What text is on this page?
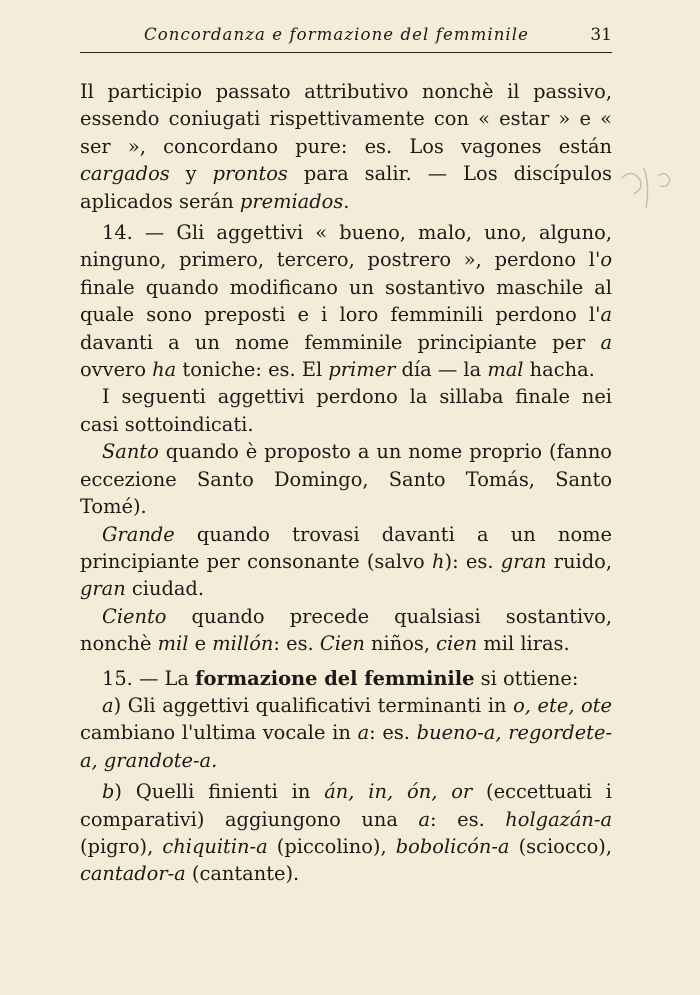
Concordanza e formazione del femminile	31

Il participio passato attributivo nonchè il passivo, essendo coniugati rispettivamente con « estar » e « ser », concordano pure: es. Los vagones están cargados y prontos para salir. — Los discípulos aplicados serán premiados.

14. — Gli aggettivi « bueno, malo, uno, alguno, ninguno, primero, tercero, postrero », perdono l'o finale quando modificano un sostantivo maschile al quale sono preposti e i loro femminili perdono l'a davanti a un nome femminile principiante per a ovvero ha toniche: es. El primer día — la mal hacha.

I seguenti aggettivi perdono la sillaba finale nei casi sottoindicati.

Santo quando è proposto a un nome proprio (fanno eccezione Santo Domingo, Santo Tomás, Santo Tomé).

Grande quando trovasi davanti a un nome principiante per consonante (salvo h): es. gran ruido, gran ciudad.

Ciento quando precede qualsiasi sostantivo, nonchè mil e millón: es. Cien niños, cien mil liras.

15. — La formazione del femminile si ottiene:

a) Gli aggettivi qualificativi terminanti in o, ete, ote cambiano l'ultima vocale in a: es. bueno-a, regordete-a, grandote-a.

b) Quelli finienti in án, in, ón, or (eccettuati i comparativi) aggiungono una a: es. holgazán-a (pigro), chiquitin-a (piccolino), bobolicón-a (sciocco), cantador-a (cantante).
